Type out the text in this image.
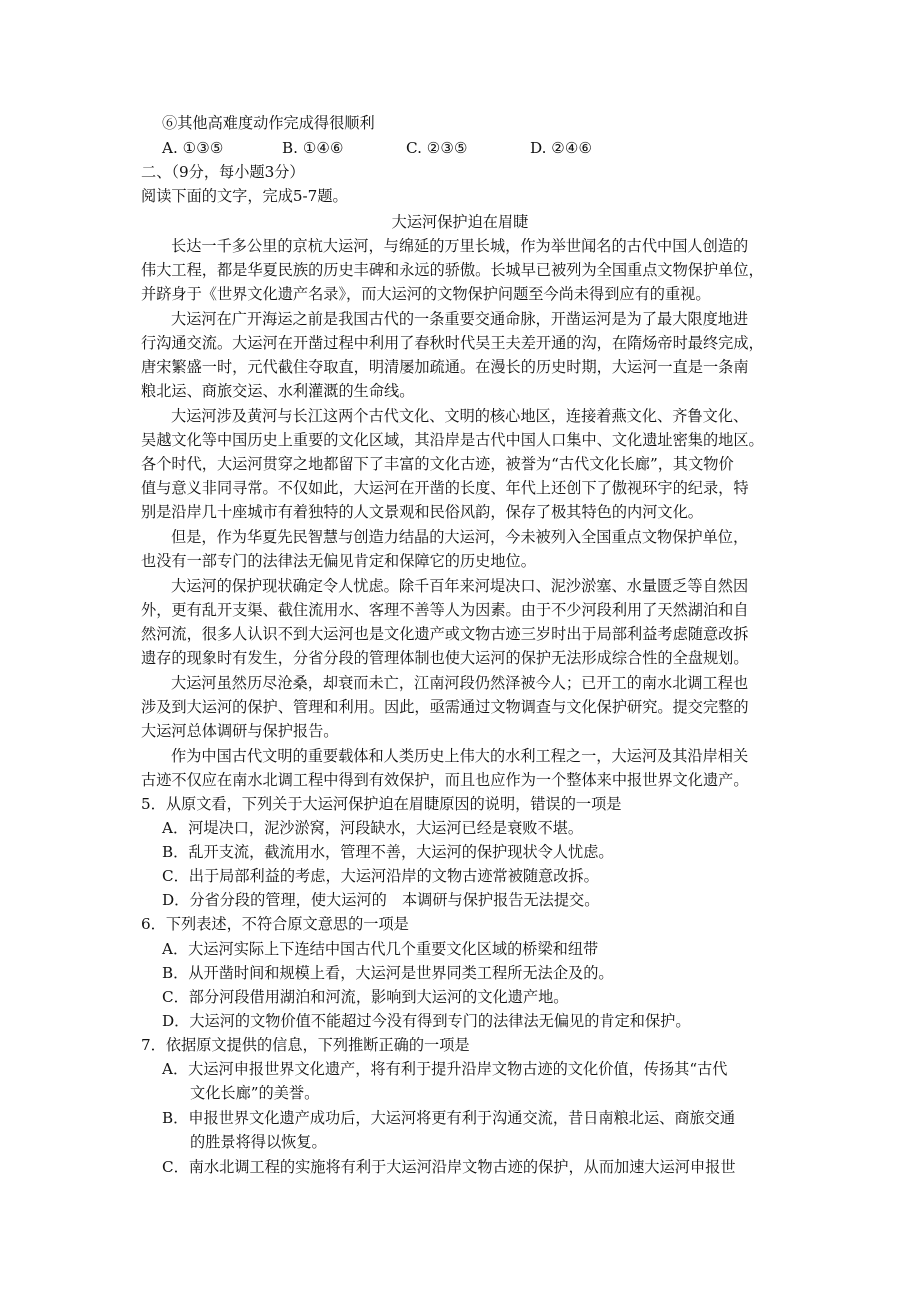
⑥其他高难度动作完成得很顺利
A. ①③⑤	B. ①④⑥	C. ②③⑤	D. ②④⑥
二、（9分，每小题3分）
阅读下面的文字，完成5-7题。
大运河保护迫在眉睫
长达一千多公里的京杭大运河，与绵延的万里长城，作为举世闻名的古代中国人创造的
伟大工程，都是华夏民族的历史丰碑和永远的骄傲。长城早已被列为全国重点文物保护单位，
并跻身于《世界文化遗产名录》，而大运河的文物保护问题至今尚未得到应有的重视。
大运河在广开海运之前是我国古代的一条重要交通命脉，开凿运河是为了最大限度地进
行沟通交流。大运河在开凿过程中利用了春秋时代吴王夫差开通的沟，在隋炀帝时最终完成，
唐宋繁盛一时，元代截住夺取直，明清屡加疏通。在漫长的历史时期，大运河一直是一条南
粮北运、商旅交运、水利灌溉的生命线。
大运河涉及黄河与长江这两个古代文化、文明的核心地区，连接着燕文化、齐鲁文化、
吴越文化等中国历史上重要的文化区域，其沿岸是古代中国人口集中、文化遗址密集的地区。
各个时代，大运河贯穿之地都留下了丰富的文化古迹，被誉为“古代文化长廊”，其文物价
值与意义非同寻常。不仅如此，大运河在开凿的长度、年代上还创下了傲视环宇的纪录，特
别是沿岸几十座城市有着独特的人文景观和民俗风韵，保存了极其特色的内河文化。
但是，作为华夏先民智慧与创造力结晶的大运河，今未被列入全国重点文物保护单位，
也没有一部专门的法律法无偏见肯定和保障它的历史地位。
大运河的保护现状确定令人忧虑。除千百年来河堤决口、泥沙淤塞、水量匮乏等自然因
外，更有乱开支渠、截住流用水、客理不善等人为因素。由于不少河段利用了天然湖泊和自
然河流，很多人认识不到大运河也是文化遗产或文物古迹三岁时出于局部利益考虑随意改拆
遗存的现象时有发生，分省分段的管理体制也使大运河的保护无法形成综合性的全盘规划。
大运河虽然历尽沧桑，却衰而未亡，江南河段仍然泽被今人；已开工的南水北调工程也
涉及到大运河的保护、管理和利用。因此，亟需通过文物调查与文化保护研究。提交完整的
大运河总体调研与保护报告。
作为中国古代文明的重要载体和人类历史上伟大的水利工程之一，大运河及其沿岸相关
古迹不仅应在南水北调工程中得到有效保护，而且也应作为一个整体来中报世界文化遗产。
5．从原文看，下列关于大运河保护迫在眉睫原因的说明，错误的一项是
A．河堤决口，泥沙淤窝，河段缺水，大运河已经是衰败不堪。
B．乱开支流，截流用水，管理不善，大运河的保护现状令人忧虑。
C．出于局部利益的考虑，大运河沿岸的文物古迹常被随意改拆。
D．分省分段的管理，使大运河的　本调研与保护报告无法提交。
6．下列表述，不符合原文意思的一项是
A．大运河实际上下连结中国古代几个重要文化区域的桥梁和纽带
B．从开凿时间和规模上看，大运河是世界同类工程所无法企及的。
C．部分河段借用湖泊和河流，影响到大运河的文化遗产地。
D．大运河的文物价值不能超过今没有得到专门的法律法无偏见的肯定和保护。
7．依据原文提供的信息，下列推断正确的一项是
A．大运河申报世界文化遗产，将有利于提升沿岸文物古迹的文化价值，传扬其“古代
文化长廊”的美誉。
B．申报世界文化遗产成功后，大运河将更有利于沟通交流，昔日南粮北运、商旅交通
的胜景将得以恢复。
C．南水北调工程的实施将有利于大运河沿岸文物古迹的保护，从而加速大运河申报世
